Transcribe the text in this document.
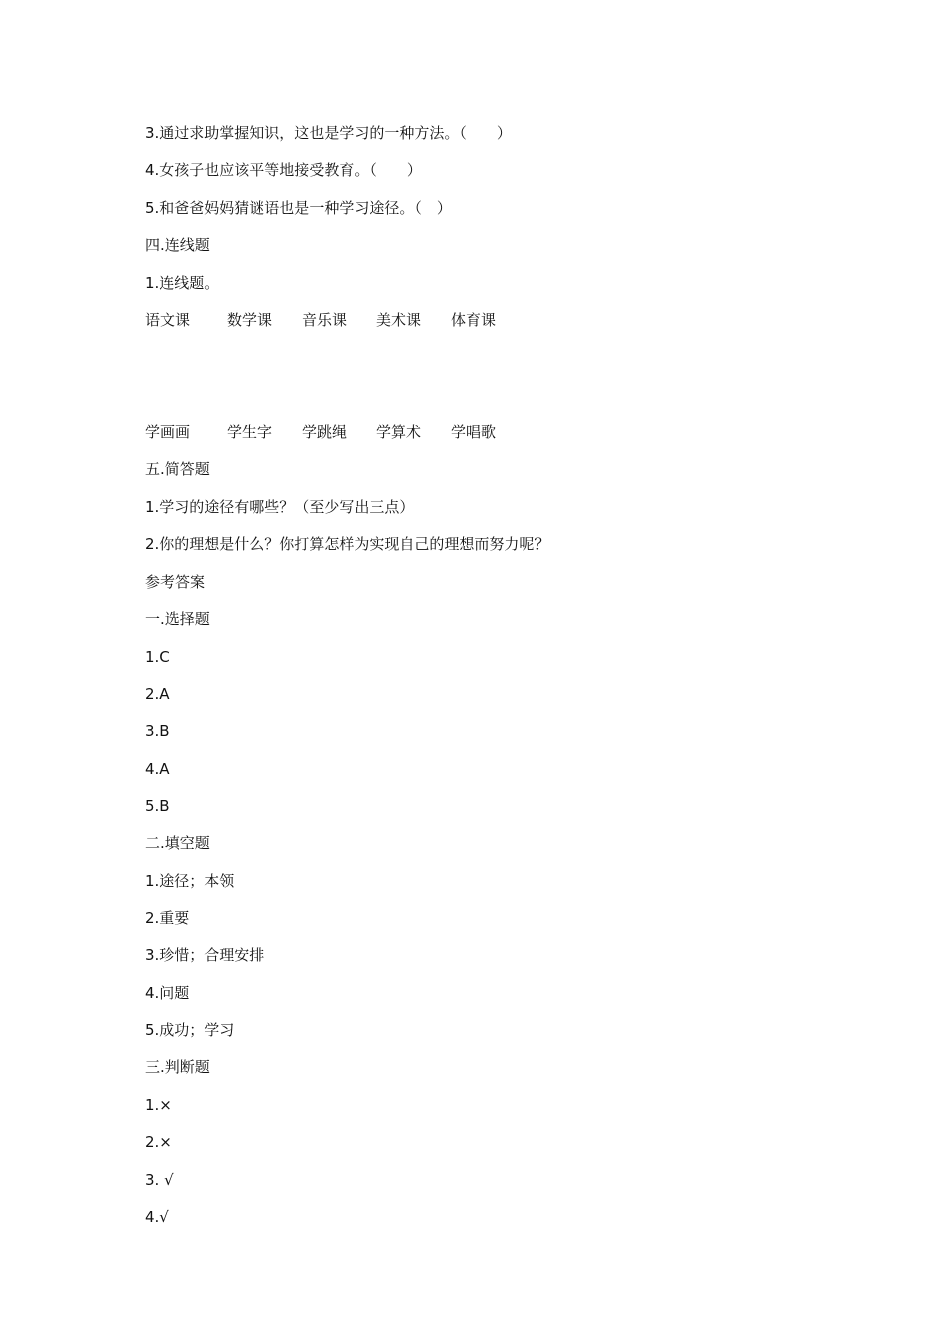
3.通过求助掌握知识，这也是学习的一种方法。（　　）
4.女孩子也应该平等地接受教育。（　　）
5.和爸爸妈妈猜谜语也是一种学习途径。（　）
四.连线题
1.连线题。
语文课 数学课 音乐课 美术课 体育课
学画画 学生字 学跳绳 学算术 学唱歌
五.简答题
1.学习的途径有哪些？（至少写出三点）
2.你的理想是什么？你打算怎样为实现自己的理想而努力呢？
参考答案
一.选择题
1.C
2.A
3.B
4.A
5.B
二.填空题
1.途径；本领
2.重要
3.珍惜；合理安排
4.问题
5.成功；学习
三.判断题
1.×
2.×
3. √
4.√
